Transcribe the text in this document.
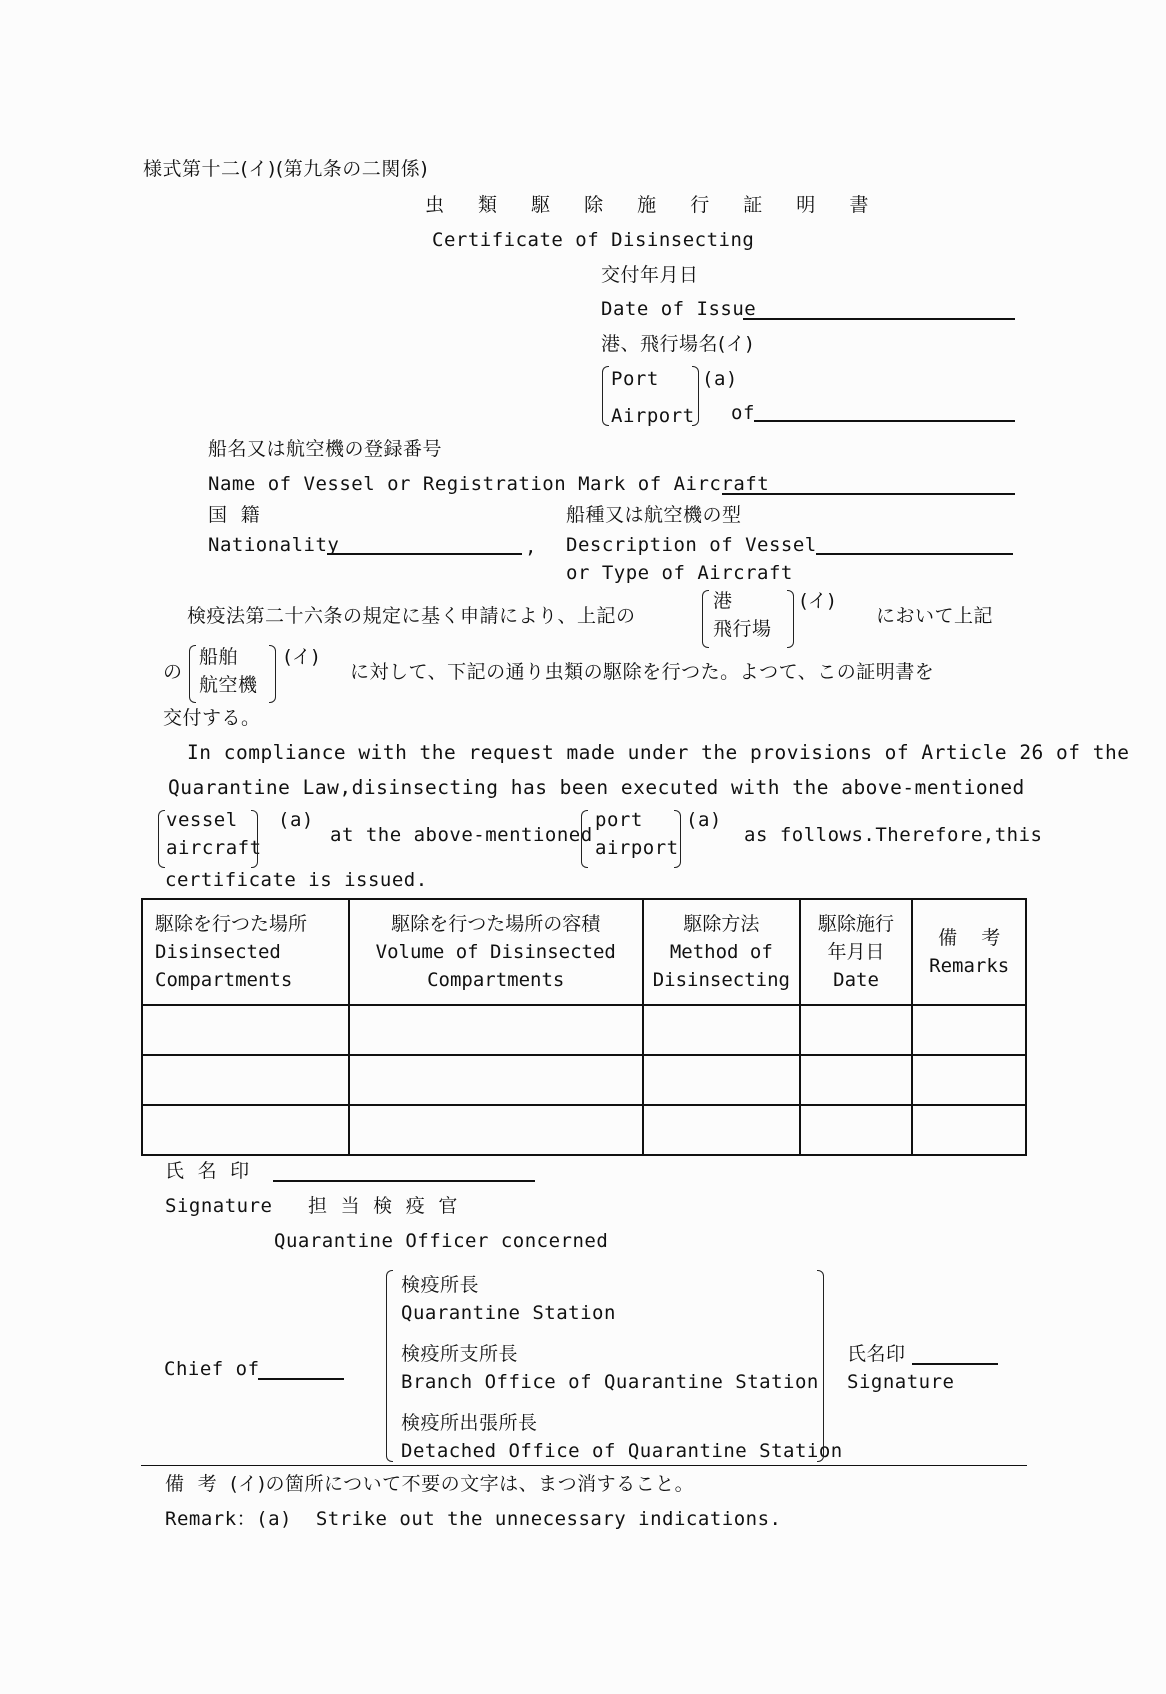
様式第十二(イ)(第九条の二関係)
虫 類 駆 除 施 行 証 明 書
Certificate of Disinsecting
交付年月日
Date of Issue
港、飛行場名(イ)
Port
Airport
(a)
of
船名又は航空機の登録番号
Name of Vessel or Registration Mark of Aircraft
国  籍
Nationality	,
船種又は航空機の型
Description of Vessel
or Type of Aircraft
検疫法第二十六条の規定に基く申請により、上記の
港
飛行場
(イ)
において上記
の
船舶
航空機
(イ)
に対して、下記の通り虫類の駆除を行つた。よつて、この証明書を
交付する。
In compliance with the request made under the provisions of Article 26 of the
Quarantine Law,disinsecting has been executed with the above-mentioned
vessel
aircraft
(a)
at the above-mentioned
port
airport
(a)
as follows.Therefore,this
certificate is issued.
駆除を行つた場所
Disinsected
Compartments	駆除を行つた場所の容積
Volume of Disinsected
Compartments	駆除方法
Method of
Disinsecting	駆除施行
年月日
Date	備    考
Remarks

氏  名  印
Signature 担  当  検  疫  官
Quarantine Officer concerned
Chief of
検疫所長
Quarantine Station
検疫所支所長
Branch Office of Quarantine Station
検疫所出張所長
Detached Office of Quarantine Station
氏名印
Signature
備  考  (イ)の箇所について不要の文字は、まつ消すること。
Remark：(a)  Strike out the unnecessary indications.
